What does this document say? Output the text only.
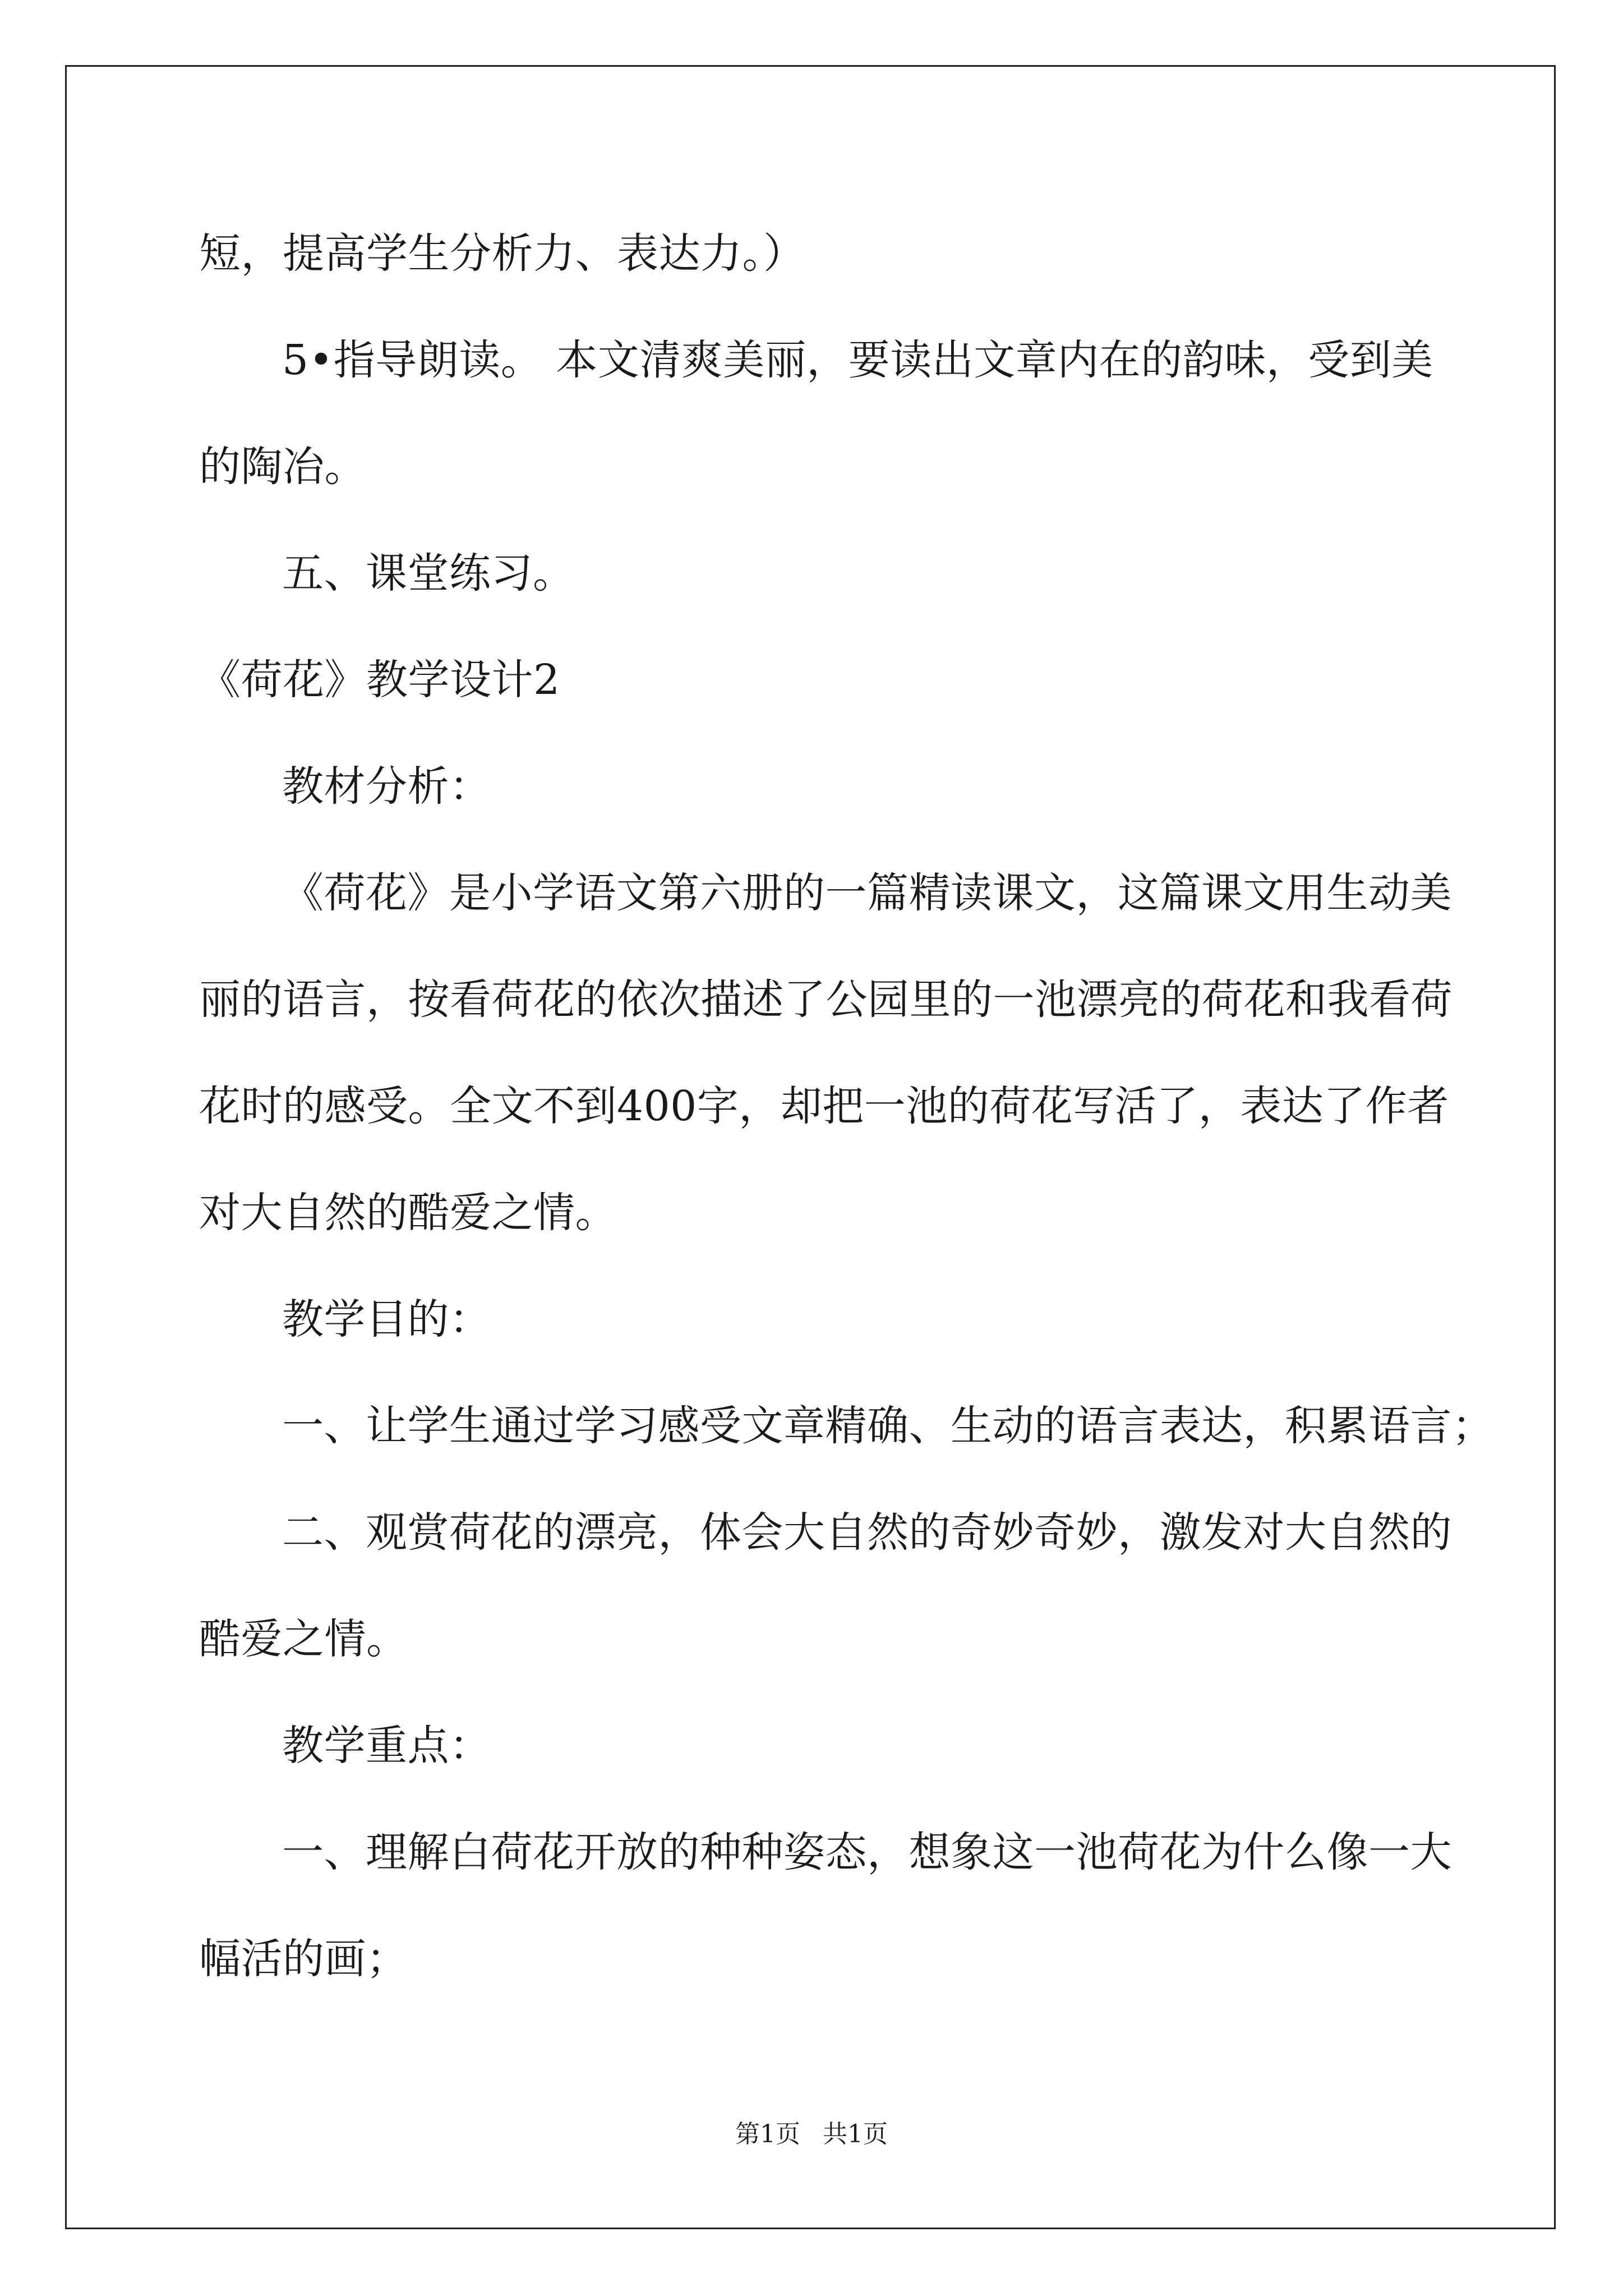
短，提高学生分析力、表达力。）
5•指导朗读。 本文清爽美丽，要读出文章内在的韵味，受到美
的陶冶。
五、课堂练习。
《荷花》教学设计2
教材分析：
《荷花》是小学语文第六册的一篇精读课文，这篇课文用生动美
丽的语言，按看荷花的依次描述了公园里的一池漂亮的荷花和我看荷
花时的感受。全文不到400字，却把一池的荷花写活了，表达了作者
对大自然的酷爱之情。
教学目的：
一、让学生通过学习感受文章精确、生动的语言表达，积累语言；
二、观赏荷花的漂亮，体会大自然的奇妙奇妙，激发对大自然的
酷爱之情。
教学重点：
一、理解白荷花开放的种种姿态，想象这一池荷花为什么像一大
幅活的画；
第1页 共1页
